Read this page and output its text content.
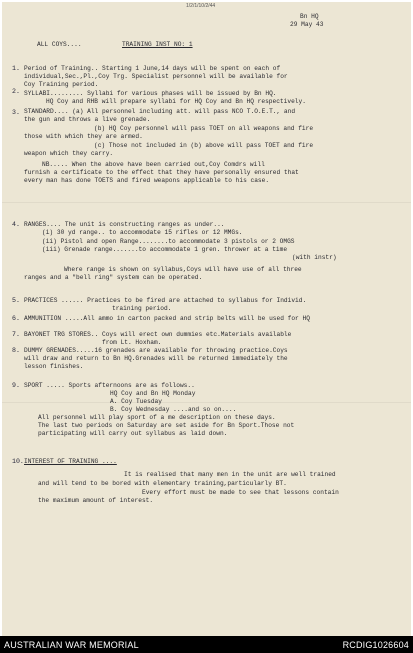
1/2/1/10/2/44
Bn HQ
29 May 43
ALL COYS....	TRAINING INST NO: 1
1.
2.
3.
4.
5.
6.
7.
8.
9.
10.
Period of Training.. Starting 1 June,14 days will be spent on each of
individual,Sec.,Pl.,Coy Trg. Specialist personnel will be available for
Coy Training period.
SYLLABI......... Syllabi for various phases will be issued by Bn HQ.
HQ Coy and RHB will prepare syllabi for HQ Coy and Bn HQ respectively.
STANDARD.... (a) All personnel including att. will pass NCO T.O.E.T., and
the gun and throws a live grenade.
(b) HQ Coy personnel will pass TOET on all weapons and fire
those with which they are armed.
(c) Those not included in (b) above will pass TOET and fire
weapon which they carry.
NB..... When the above have been carried out,Coy Comdrs will
furnish a certificate to the effect that they have personally ensured that
every man has done TOETS and fired weapons applicable to his case.
RANGES.... The unit is constructing ranges as under...
(i) 30 yd range.. to accommodate 15 rifles or 12 MMGs.
(ii) Pistol and open Range........to accommodate 3 pistols or 2 OMGS
(iii) Grenade range.......to accommodate 1 gren. thrower at a time
(with instr)
Where range is shown on syllabus,Coys will have use of all three
ranges and a "bell ring" system can be operated.
PRACTICES ...... Practices to be fired are attached to syllabus for Individ.
training period.
AMMUNITION .....All ammo in carton packed and strip belts will be used for HQ
BAYONET TRG STORES.. Coys will erect own dummies etc.Materials available
from Lt. Hoxham.
DUMMY GRENADES.....16 grenades are available for throwing practice.Coys
will draw and return to Bn HQ.Grenades will be returned immediately the
lesson finishes.
SPORT ..... Sports afternoons are as follows..
HQ Coy and Bn HQ Monday
A. Coy Tuesday
B. Coy Wednesday ....and so on....
All personnel will play sport of a me description on these days.
The last two periods on Saturday are set aside for Bn Sport.Those not
participating will carry out syllabus as laid down.
INTEREST OF TRAINING ....
It is realised that many men in the unit are well trained
and will tend to be bored with elementary training,particularly BT.
Every effort must be made to see that lessons contain
the maximum amount of interest.
AUSTRALIAN WAR MEMORIAL	RCDIG1026604
